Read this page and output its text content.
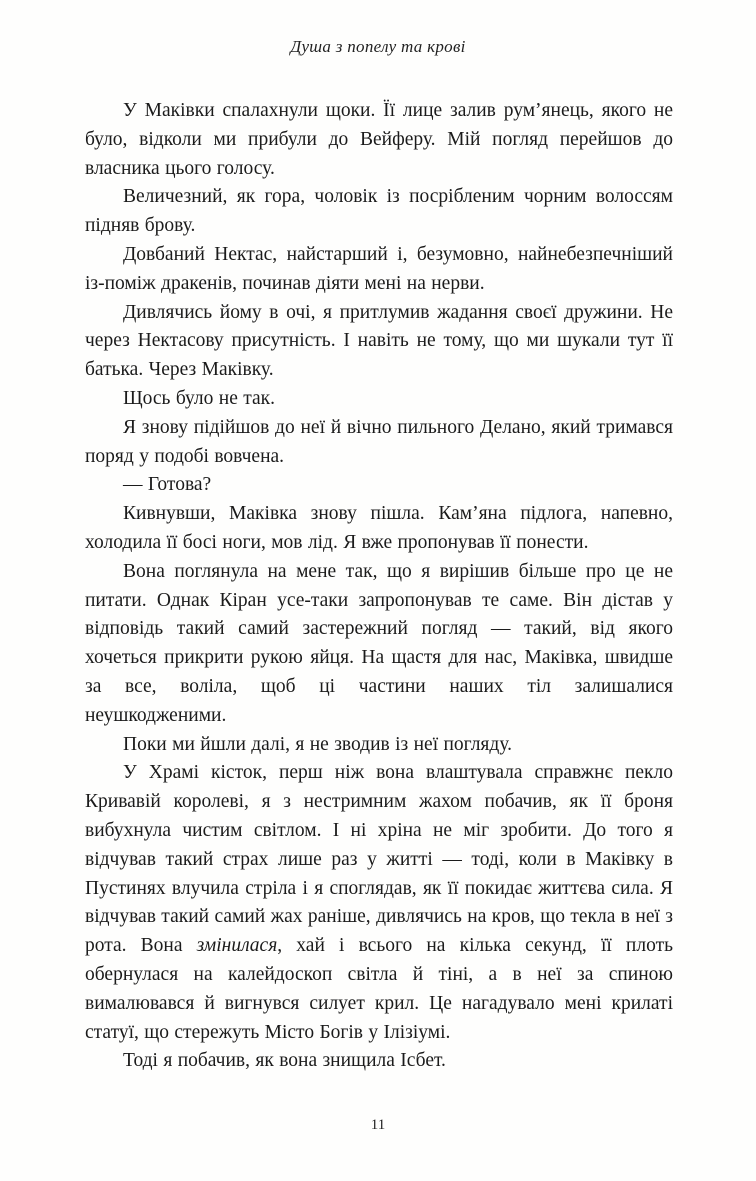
Душа з попелу та крові

У Маківки спалахнули щоки. Її лице залив рум’янець, якого не було, відколи ми прибули до Вейферу. Мій погляд перейшов до власника цього голосу.

Величезний, як гора, чоловік із посрібленим чорним волоссям підняв брову.

Довбаний Нектас, найстарший і, безумовно, найнебезпечніший із-поміж дракенів, починав діяти мені на нерви.

Дивлячись йому в очі, я притлумив жадання своєї дружини. Не через Нектасову присутність. І навіть не тому, що ми шукали тут її батька. Через Маківку.

Щось було не так.

Я знову підійшов до неї й вічно пильного Делано, який тримався поряд у подобі вовчена.

— Готова?

Кивнувши, Маківка знову пішла. Кам’яна підлога, напевно, холодила її босі ноги, мов лід. Я вже пропонував її понести.

Вона поглянула на мене так, що я вирішив більше про це не питати. Однак Кіран усе-таки запропонував те саме. Він дістав у відповідь такий самий застережний погляд — такий, від якого хочеться прикрити рукою яйця. На щастя для нас, Маківка, швидше за все, воліла, щоб ці частини наших тіл залишалися неушкодженими.

Поки ми йшли далі, я не зводив із неї погляду.

У Храмі кісток, перш ніж вона влаштувала справжнє пекло Кривавій королеві, я з нестримним жахом побачив, як її броня вибухнула чистим світлом. І ні хріна не міг зробити. До того я відчував такий страх лише раз у житті — тоді, коли в Маківку в Пустинях влучила стріла і я споглядав, як її покидає життєва сила. Я відчував такий самий жах раніше, дивлячись на кров, що текла в неї з рота. Вона змінилася, хай і всього на кілька секунд, її плоть обернулася на калейдоскоп світла й тіні, а в неї за спиною вималювався й вигнувся силует крил. Це нагадувало мені крилаті статуї, що стережуть Місто Богів у Ілізіумі.

Тоді я побачив, як вона знищила Ісбет.

11
